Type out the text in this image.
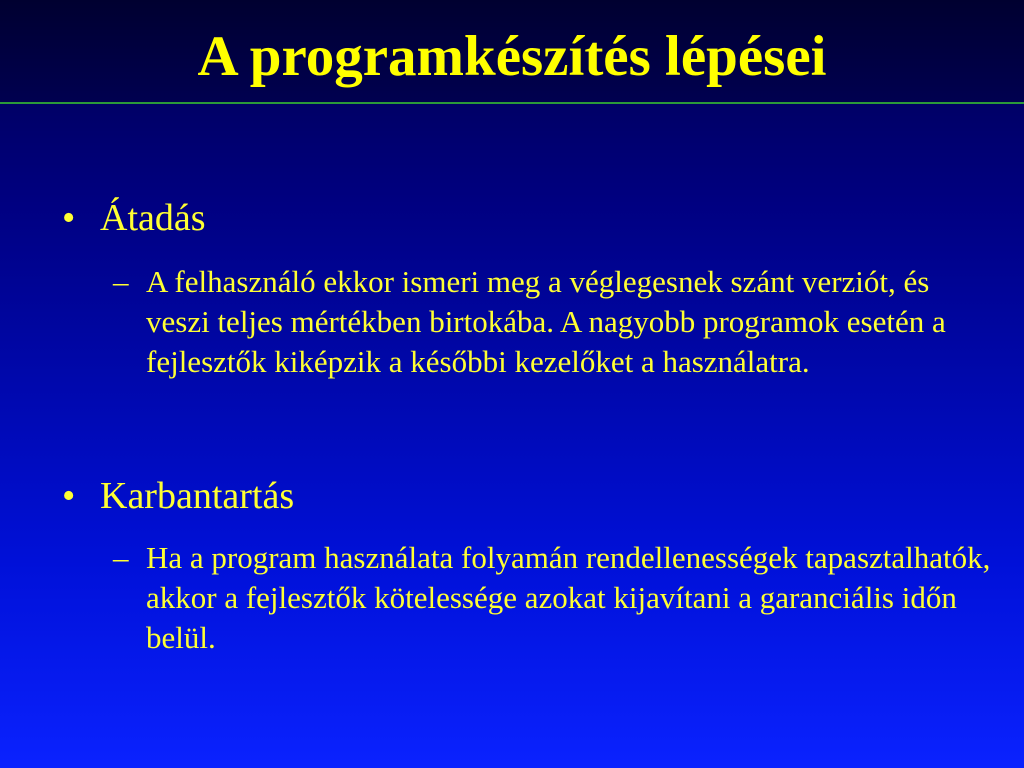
A programkészítés lépései
• Átadás
– A felhasználó ekkor ismeri meg a véglegesnek szánt verziót, és veszi teljes mértékben birtokába. A nagyobb programok esetén a fejlesztők kiképzik a későbbi kezelőket a használatra.
• Karbantartás
– Ha a program használata folyamán rendellenességek tapasztalhatók, akkor a fejlesztők kötelessége azokat kijavítani a garanciális időn belül.
